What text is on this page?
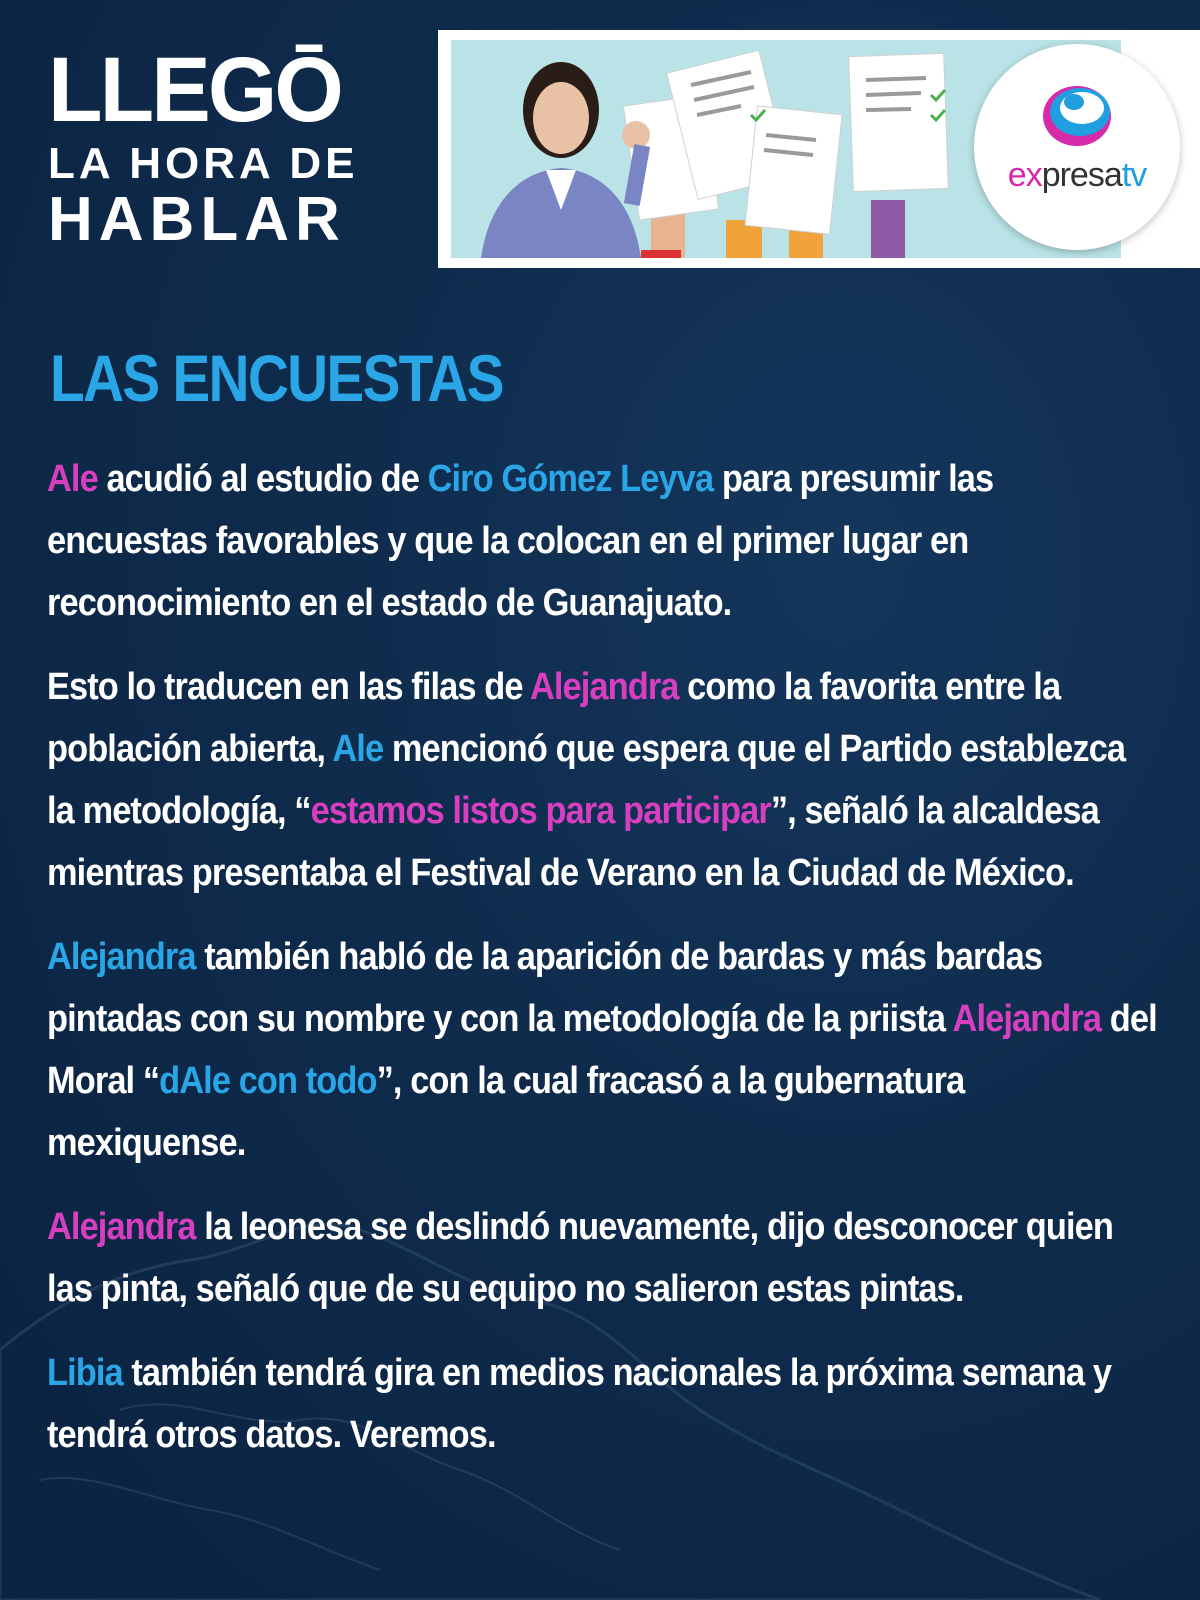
LLEGŌ
LA HORA DE
HABLAR
expresatv
LAS ENCUESTAS

Ale acudió al estudio de Ciro Gómez Leyva para presumir las encuestas favorables y que la colocan en el primer lugar en reconocimiento en el estado de Guanajuato.

Esto lo traducen en las filas de Alejandra como la favorita entre la población abierta, Ale mencionó que espera que el Partido establezca la metodología, “estamos listos para participar”, señaló la alcaldesa mientras presentaba el Festival de Verano en la Ciudad de México.

Alejandra también habló de la aparición de bardas y más bardas pintadas con su nombre y con la metodología de la priista Alejandra del Moral “dAle con todo”, con la cual fracasó a la gubernatura mexiquense.

Alejandra la leonesa se deslindó nuevamente, dijo desconocer quien las pinta, señaló que de su equipo no salieron estas pintas.

Libia también tendrá gira en medios nacionales la próxima semana y tendrá otros datos. Veremos.
